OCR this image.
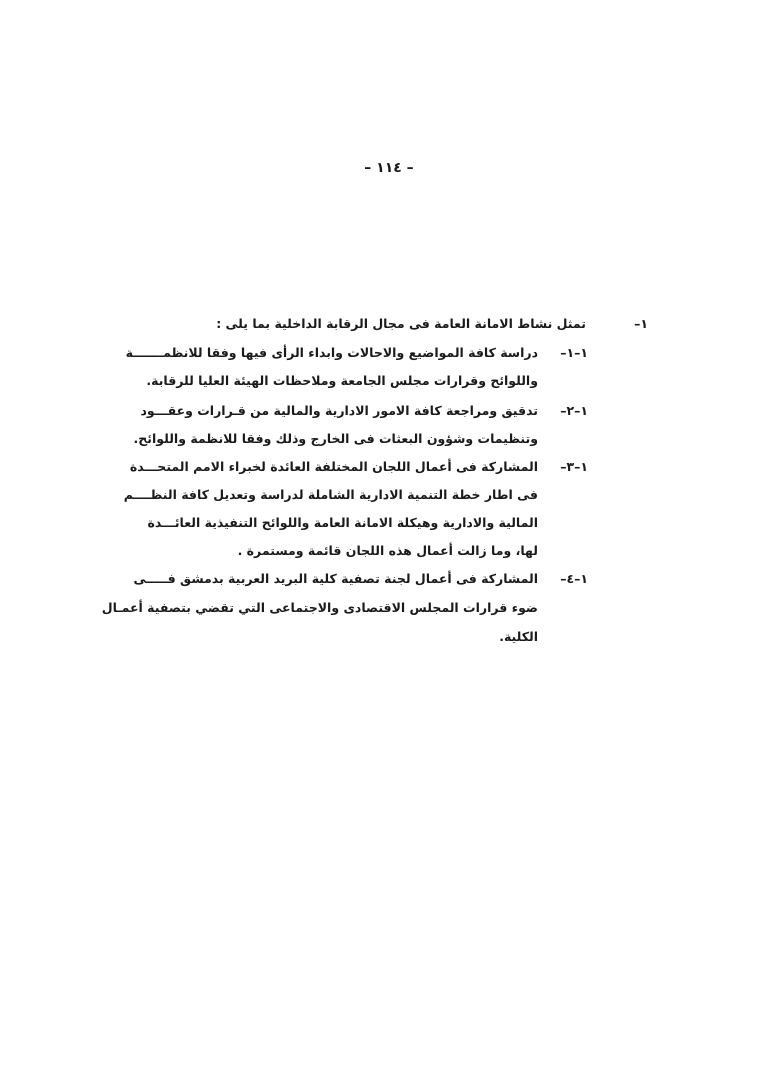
– ١١٤ –
١–
تمثل نشاط الامانة العامة فى مجال الرقابة الداخلية بما يلى :
١–١–
دراسة كافة المواضيع والاحالات وابداء الرأى فيها وفقا للانظمـــــــة
واللوائح وقرارات مجلس الجامعة وملاحظات الهيئة العليا للرقابة.
١–٢–
تدقيق ومراجعة كافة الامور الادارية والمالية من قـرارات وعقـــود
وتنظيمات وشؤون البعثات فى الخارج وذلك وفقا للانظمة واللوائح.
١–٣–
المشاركة فى أعمال اللجان المختلفة العائدة لخبراء الامم المتحـــدة
فى اطار خطة التنمية الادارية الشاملة لدراسة وتعديل كافة النظــــم
المالية والادارية وهيكلة الامانة العامة واللوائح التنفيذية العائـــدة
لها، وما زالت أعمال هذه اللجان قائمة ومستمرة .
١–٤–
المشاركة فى أعمال لجنة تصفية كلية البريد العربية بدمشق فـــــى
ضوء قرارات المجلس الاقتصادى والاجتماعى التي تقضي بتصفية أعمـال
الكلية.
